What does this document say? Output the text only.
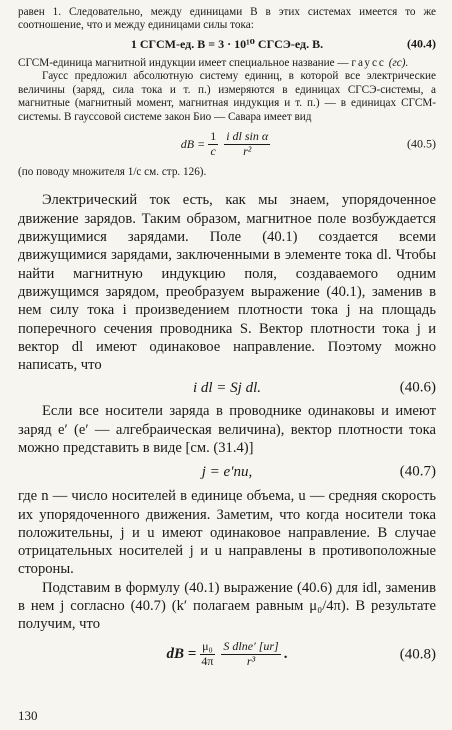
равен 1. Следовательно, между единицами B в этих системах имеется то же соотношение, что и между единицами силы тока:

1 СГСМ-ед. B = 3 · 10¹⁰ СГСЭ-ед. B.	(40.4)

СГСМ-единица магнитной индукции имеет специальное название — гаусс (гс).

Гаусс предложил абсолютную систему единиц, в которой все электрические величины (заряд, сила тока и т. п.) измеряются в единицах СГСЭ-системы, а магнитные (магнитный момент, магнитная индукция и т. п.) — в единицах СГСМ-системы. В гауссовой системе закон Био — Савара имеет вид

dB = $\frac{1}{c} \frac{\text{i dl sin α}}{\text{r²}}$	(40.5)

(по поводу множителя 1/c см. стр. 126).

Электрический ток есть, как мы знаем, упорядоченное движение зарядов. Таким образом, магнитное поле возбуждается движущимися зарядами. Поле (40.1) создается всеми движущимися зарядами, заключенными в элементе тока dl. Чтобы найти магнитную индукцию поля, создаваемого одним движущимся зарядом, преобразуем выражение (40.1), заменив в нем силу тока i произведением плотности тока j на площадь поперечного сечения проводника S. Вектор плотности тока j и вектор dl имеют одинаковое направление. Поэтому можно написать, что

i dl = Sj dl.	(40.6)

Если все носители заряда в проводнике одинаковы и имеют заряд e′ (e′ — алгебраическая величина), вектор плотности тока можно представить в виде [см. (31.4)]

j = e′nu,	(40.7)

где n — число носителей в единице объема, u — средняя скорость их упорядоченного движения. Заметим, что когда носители тока положительны, j и u имеют одинаковое направление. В случае отрицательных носителей j и u направлены в противоположные стороны.

Подставим в формулу (40.1) выражение (40.6) для idl, заменив в нем j согласно (40.7) (k′ полагаем равным μ₀/4π). В результате получим, что

dB = $\frac{\text{μ₀}}{4\pi} \frac{\text{S dlne′ [ur]}}{\text{r³}}$ .	(40.8)
130
